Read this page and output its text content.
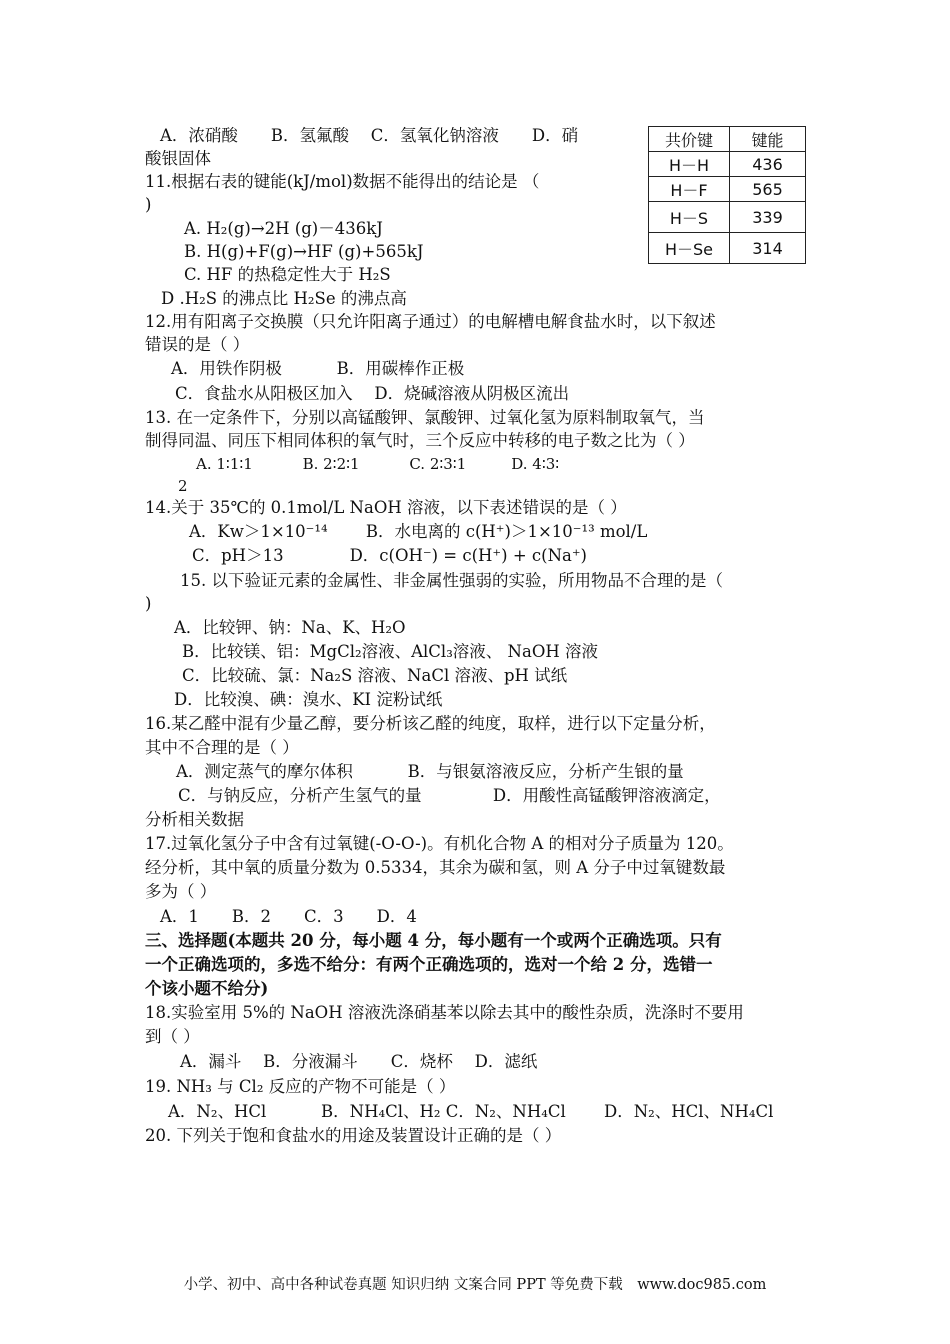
A．浓硝酸　　B．氢氟酸　 C．氢氧化钠溶液　　D．硝
酸银固体
11.根据右表的键能(kJ/mol)数据不能得出的结论是 （
)
A. H₂(g)→2H (g)－436kJ
B. H(g)+F(g)→HF (g)+565kJ
C. HF 的热稳定性大于 H₂S
D .H₂S 的沸点比 H₂Se 的沸点高
共价键	键能
H－H	436
H－F	565
H－S	339
H－Se	314
12.用有阳离子交换膜（只允许阳离子通过）的电解槽电解食盐水时，以下叙述
错误的是（ ）
A．用铁作阴极　　　 B．用碳棒作正极
C．食盐水从阳极区加入　 D．烧碱溶液从阴极区流出
13. 在一定条件下，分别以高锰酸钾、氯酸钾、过氧化氢为原料制取氧气，当
制得同温、同压下相同体积的氧气时，三个反应中转移的电子数之比为（ ）
A. 1∶1∶1　　　 B. 2∶2∶1　　　 C. 2∶3∶1　　　D. 4∶3∶
2
14.关于 35℃的 0.1mol/L NaOH 溶液，以下表述错误的是（ ）
A．Kw＞1×10⁻¹⁴　　 B．水电离的 c(H⁺)＞1×10⁻¹³ mol/L
C．pH＞13　　　　D．c(OH⁻) = c(H⁺) + c(Na⁺)
15. 以下验证元素的金属性、非金属性强弱的实验，所用物品不合理的是（
)
A．比较钾、钠：Na、K、H₂O
B．比较镁、铝：MgCl₂溶液、AlCl₃溶液、 NaOH 溶液
C．比较硫、氯：Na₂S 溶液、NaCl 溶液、pH 试纸
D．比较溴、碘：溴水、KI 淀粉试纸
16.某乙醛中混有少量乙醇，要分析该乙醛的纯度，取样，进行以下定量分析，
其中不合理的是（ ）
A．测定蒸气的摩尔体积　　　 B．与银氨溶液反应，分析产生银的量
C．与钠反应，分析产生氢气的量　　　　 D．用酸性高锰酸钾溶液滴定，
分析相关数据
17.过氧化氢分子中含有过氧键(-O-O-)。有机化合物 A 的相对分子质量为 120。
经分析，其中氧的质量分数为 0.5334，其余为碳和氢，则 A 分子中过氧键数最
多为（ ）
A．1　　B．2　　C．3　　D．4
三、选择题(本题共 20 分，每小题 4 分，每小题有一个或两个正确选项。只有
一个正确选项的，多选不给分：有两个正确选项的，选对一个给 2 分，选错一
个该小题不给分)
18.实验室用 5%的 NaOH 溶液洗涤硝基苯以除去其中的酸性杂质，洗涤时不要用
到（ ）
A．漏斗　 B．分液漏斗　　C．烧杯　 D．滤纸
19. NH₃ 与 Cl₂ 反应的产物不可能是（ ）
A．N₂、HCl　　　 B．NH₄Cl、H₂ C．N₂、NH₄Cl　　 D．N₂、HCl、NH₄Cl
20. 下列关于饱和食盐水的用途及装置设计正确的是（ ）
小学、初中、高中各种试卷真题 知识归纳 文案合同 PPT 等免费下载　www.doc985.com
